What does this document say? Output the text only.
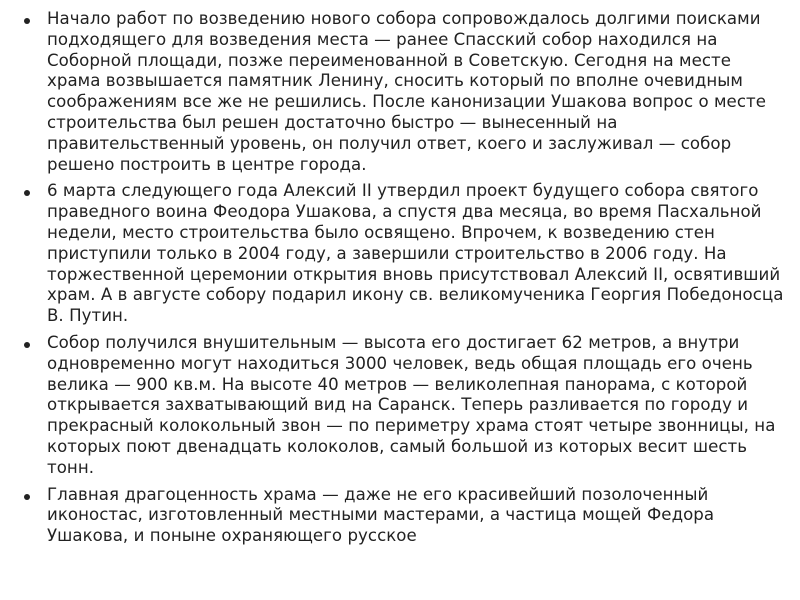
Начало работ по возведению нового собора сопровождалось долгими поисками подходящего для возведения места — ранее Спасский собор находился на Соборной площади, позже переименованной в Советскую. Сегодня на месте храма возвышается памятник Ленину, сносить который по вполне очевидным соображениям все же не решились. После канонизации Ушакова вопрос о месте строительства был решен достаточно быстро — вынесенный на правительственный уровень, он получил ответ, коего и заслуживал — собор решено построить в центре города.
6 марта следующего года Алексий II утвердил проект будущего собора святого праведного воина Феодора Ушакова, а спустя два месяца, во время Пасхальной недели, место строительства было освящено. Впрочем, к возведению стен приступили только в 2004 году, а завершили строительство в 2006 году. На торжественной церемонии открытия вновь присутствовал Алексий II, освятивший храм. А в августе собору подарил икону св. великомученика Георгия Победоносца В. Путин.
Собор получился внушительным — высота его достигает 62 метров, а внутри одновременно могут находиться 3000 человек, ведь общая площадь его очень велика — 900 кв.м. На высоте 40 метров — великолепная панорама, с которой открывается захватывающий вид на Саранск. Теперь разливается по городу и прекрасный колокольный звон — по периметру храма стоят четыре звонницы, на которых поют двенадцать колоколов, самый большой из которых весит шесть тонн.
Главная драгоценность храма — даже не его красивейший позолоченный иконостас, изготовленный местными мастерами, а частица мощей Федора Ушакова, и поныне охраняющего русское
